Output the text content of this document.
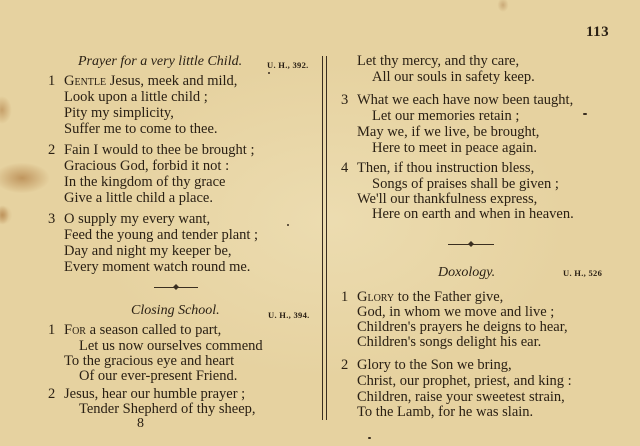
113
Prayer for a very little Child.	U. H., 392.
1 Gentle Jesus, meek and mild,
Look upon a little child ;
Pity my simplicity,
Suffer me to come to thee.
2 Fain I would to thee be brought ;
Gracious God, forbid it not :
In the kingdom of thy grace
Give a little child a place.
3 O supply my every want,
Feed the young and tender plant ;
Day and night my keeper be,
Every moment watch round me.
Closing School.	U. H., 394.
1 For a season called to part,
Let us now ourselves commend
To the gracious eye and heart
Of our ever-present Friend.
2 Jesus, hear our humble prayer ;
Tender Shepherd of thy sheep,
8
Let thy mercy, and thy care,
All our souls in safety keep.
3 What we each have now been taught,
Let our memories retain ;
May we, if we live, be brought,
Here to meet in peace again.
4 Then, if thou instruction bless,
Songs of praises shall be given ;
We'll our thankfulness express,
Here on earth and when in heaven.
Doxology.	U. H., 526
1 Glory to the Father give,
God, in whom we move and live ;
Children's prayers he deigns to hear,
Children's songs delight his ear.
2 Glory to the Son we bring,
Christ, our prophet, priest, and king :
Children, raise your sweetest strain,
To the Lamb, for he was slain.
